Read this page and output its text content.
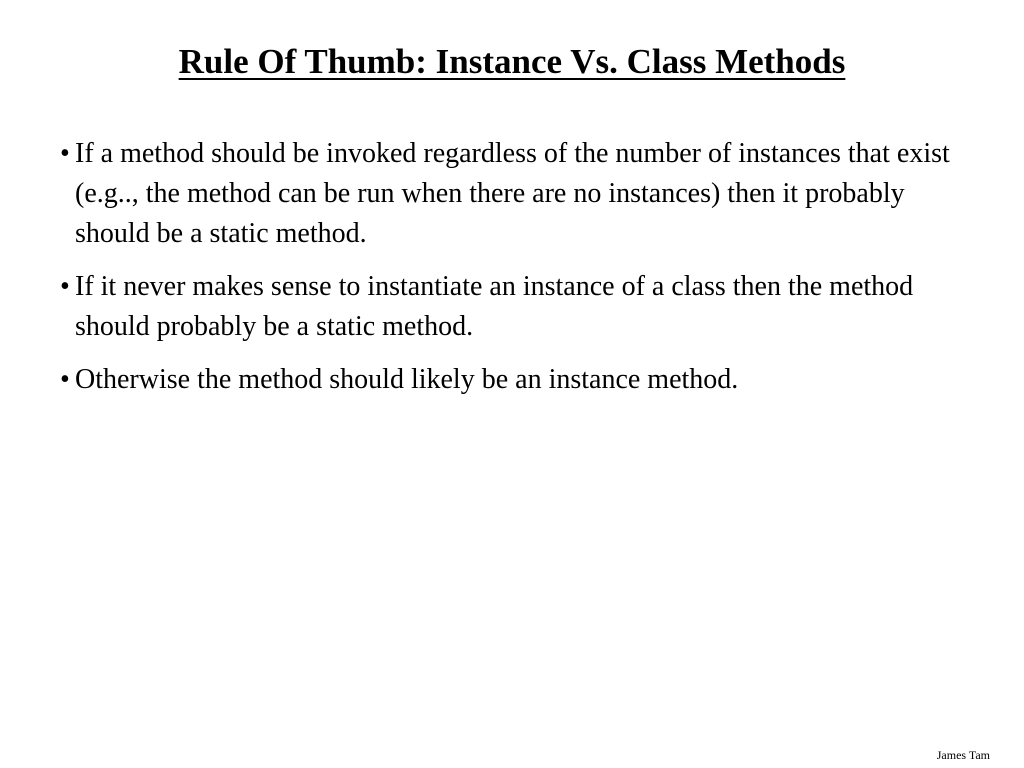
Rule Of Thumb: Instance Vs. Class Methods
• If a method should be invoked regardless of the number of instances that exist (e.g.., the method can be run when there are no instances) then it probably should be a static method.
• If it never makes sense to instantiate an instance of a class then the method should probably be a static method.
• Otherwise the method should likely be an instance method.
James Tam
